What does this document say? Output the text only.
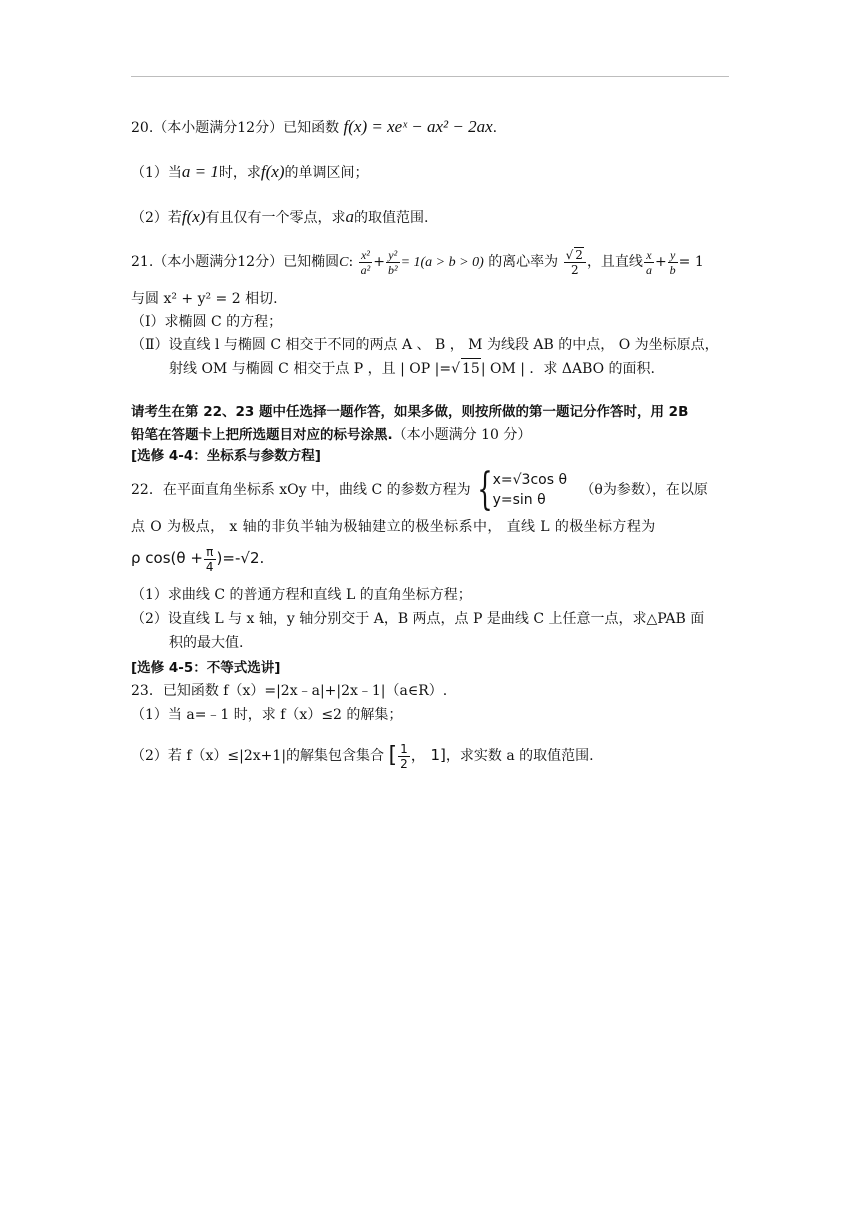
20.（本小题满分12分）已知函数 f(x) = xeˣ − ax² − 2ax.
（1）当a = 1时，求f(x)的单调区间；
（2）若f(x)有且仅有一个零点，求a的取值范围.
21.（本小题满分12分）已知椭圆C: $\frac{\text{x²}}{\text{a²}} + \frac{\text{y²}}{\text{b²}} = 1(a > b > 0)$ 的离心率为 $\frac{√ 2}{2}$ ，且直线 $\frac{x}{a} + \frac{y}{b} = 1$
与圆 x² + y² = 2 相切.
（Ⅰ）求椭圆 C 的方程；
（Ⅱ）设直线 l 与椭圆 C 相交于不同的两点 A 、 B ， M 为线段 AB 的中点， O 为坐标原点，
射线 OM 与椭圆 C 相交于点 P ，且 | OP |=√ 15| OM | ．求 ΔABO 的面积.
请考生在第 22、23 题中任选择一题作答，如果多做，则按所做的第一题记分作答时，用 2B
铅笔在答题卡上把所选题目对应的标号涂黑.（本小题满分 10 分）
[选修 4-4：坐标系与参数方程]
22．在平面直角坐标系 xOy 中，曲线 C 的参数方程为 { x=√3cos θ
y=sin θ
（θ为参数），在以原
点 O 为极点， x 轴的非负半轴为极轴建立的极坐标系中， 直线 L 的极坐标方程为
ρ $\cos(\theta + \frac{\pi}{4} )=-√2$.
（1）求曲线 C 的普通方程和直线 L 的直角坐标方程；
（2）设直线 L 与 x 轴，y 轴分别交于 A，B 两点，点 P 是曲线 C 上任意一点，求△PAB 面
积的最大值.
[选修 4-5：不等式选讲]
23．已知函数 f（x）=|2x﹣a|+|2x﹣1|（a∈R）.
（1）当 a=﹣1 时，求 f（x）≤2 的解集；
（2）若 f（x）≤|2x+1|的解集包含集合 [ $\frac{1}{2}$ ， 1]，求实数 a 的取值范围.
